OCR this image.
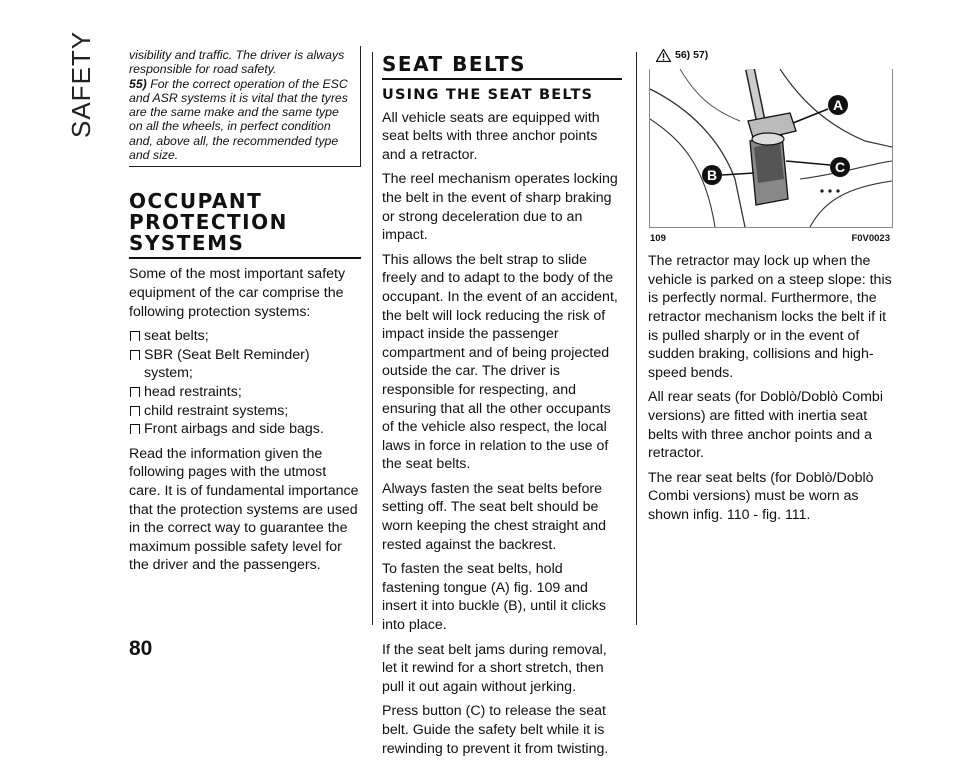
SAFETY	visibility and traffic. The driver is always responsible for road safety.
55) For the correct operation of the ESC and ASR systems it is vital that the tyres are the same make and the same type on all the wheels, in perfect condition and, above all, the recommended type and size.
OCCUPANT PROTECTION SYSTEMS

Some of the most important safety equipment of the car comprise the following protection systems:

seat belts;
SBR (Seat Belt Reminder) system;
head restraints;
child restraint systems;
Front airbags and side bags.

Read the information given the following pages with the utmost care. It is of fundamental importance that the protection systems are used in the correct way to guarantee the maximum possible safety level for the driver and the passengers.

SEAT BELTS
USING THE SEAT BELTS

All vehicle seats are equipped with seat belts with three anchor points and a retractor.

The reel mechanism operates locking the belt in the event of sharp braking or strong deceleration due to an impact.

This allows the belt strap to slide freely and to adapt to the body of the occupant. In the event of an accident, the belt will lock reducing the risk of impact inside the passenger compartment and of being projected outside the car. The driver is responsible for respecting, and ensuring that all the other occupants of the vehicle also respect, the local laws in force in relation to the use of the seat belts.

Always fasten the seat belts before setting off. The seat belt should be worn keeping the chest straight and rested against the backrest.

To fasten the seat belts, hold fastening tongue (A) fig. 109 and insert it into buckle (B), until it clicks into place.

If the seat belt jams during removal, let it rewind for a short stretch, then pull it out again without jerking.

Press button (C) to release the seat belt. Guide the safety belt while it is rewinding to prevent it from twisting.

56) 57)
A
C
B
109	F0V0023

The retractor may lock up when the vehicle is parked on a steep slope: this is perfectly normal. Furthermore, the retractor mechanism locks the belt if it is pulled sharply or in the event of sudden braking, collisions and high-speed bends.

All rear seats (for Doblò/Doblò Combi versions) are fitted with inertia seat belts with three anchor points and a retractor.

The rear seat belts (for Doblò/Doblò Combi versions) must be worn as shown infig. 110 - fig. 111.

80
